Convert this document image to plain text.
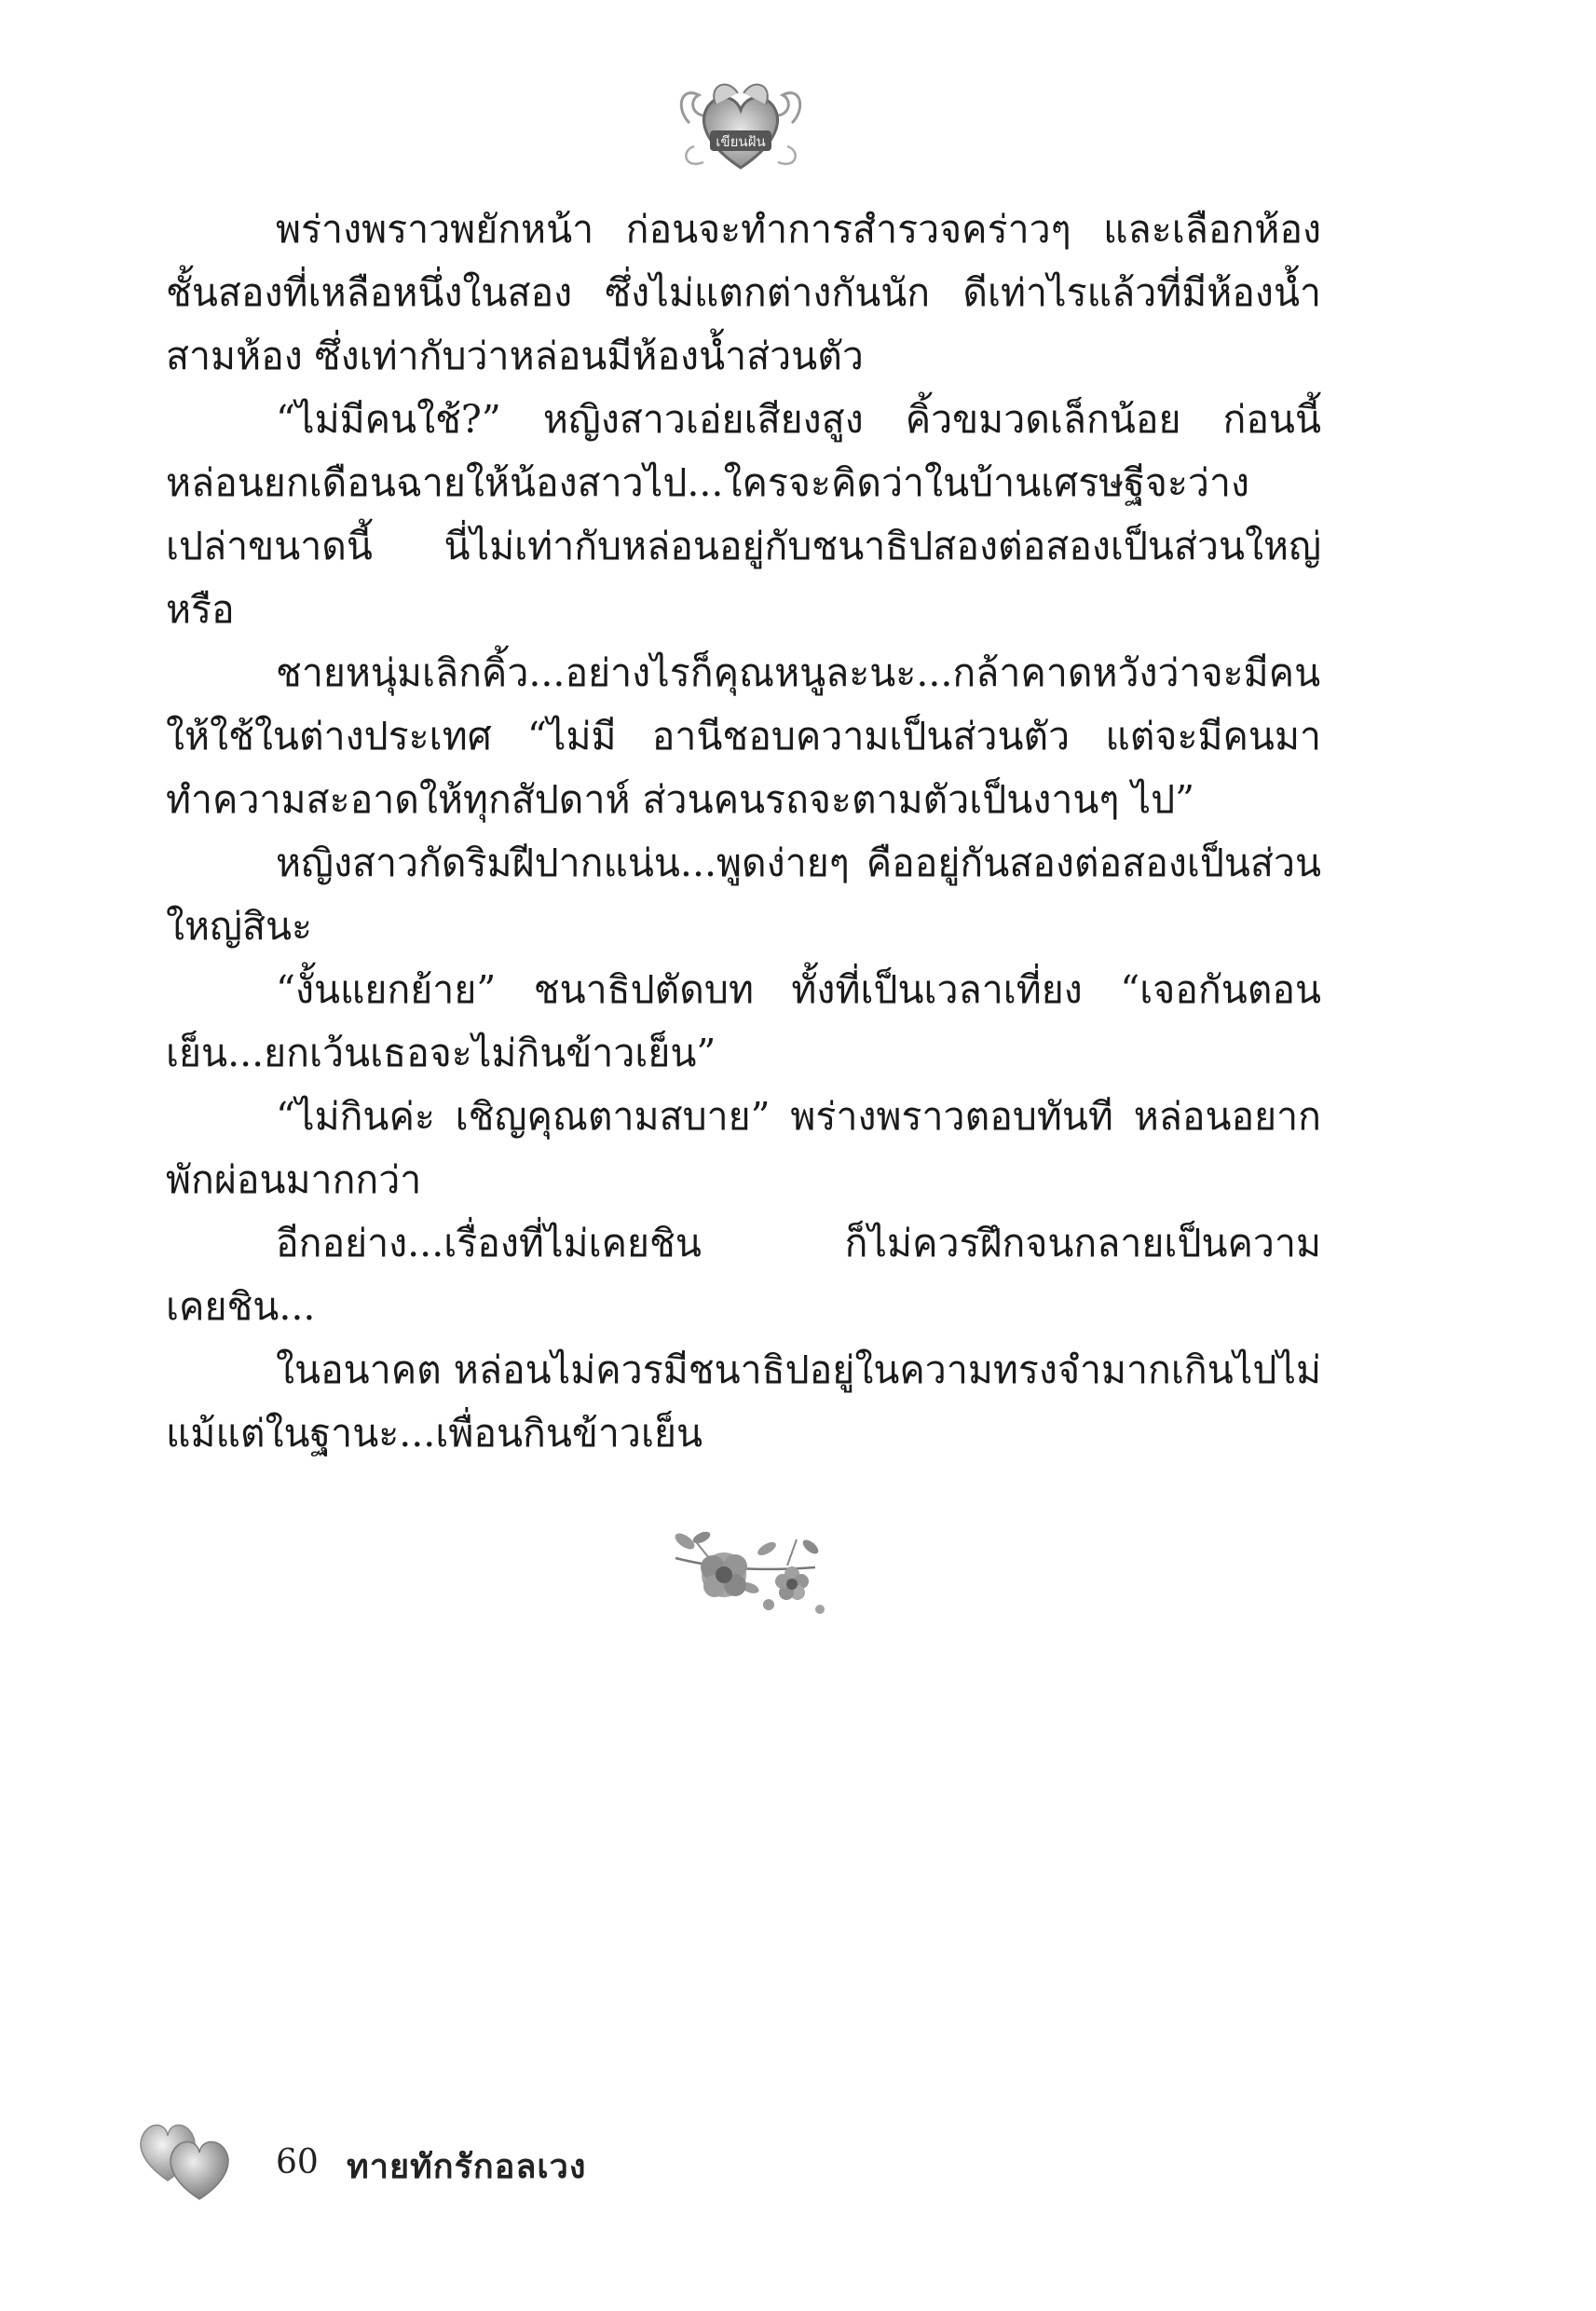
เขียนฝัน

พร่างพราวพยักหน้า ก่อนจะทำการสำรวจคร่าวๆ และเลือกห้องชั้นสองที่เหลือหนึ่งในสอง ซึ่งไม่แตกต่างกันนัก ดีเท่าไรแล้วที่มีห้องน้ำสามห้อง ซึ่งเท่ากับว่าหล่อนมีห้องน้ำส่วนตัว

“ไม่มีคนใช้?” หญิงสาวเอ่ยเสียงสูง คิ้วขมวดเล็กน้อย ก่อนนี้หล่อนยกเดือนฉายให้น้องสาวไป...ใครจะคิดว่าในบ้านเศรษฐีจะว่างเปล่าขนาดนี้ นี่ไม่เท่ากับหล่อนอยู่กับชนาธิปสองต่อสองเป็นส่วนใหญ่หรือ

ชายหนุ่มเลิกคิ้ว...อย่างไรก็คุณหนูละนะ...กล้าคาดหวังว่าจะมีคนให้ใช้ในต่างประเทศ “ไม่มี อานีชอบความเป็นส่วนตัว แต่จะมีคนมาทำความสะอาดให้ทุกสัปดาห์ ส่วนคนรถจะตามตัวเป็นงานๆ ไป”

หญิงสาวกัดริมฝีปากแน่น...พูดง่ายๆ คืออยู่กันสองต่อสองเป็นส่วนใหญ่สินะ

“งั้นแยกย้าย” ชนาธิปตัดบท ทั้งที่เป็นเวลาเที่ยง “เจอกันตอนเย็น...ยกเว้นเธอจะไม่กินข้าวเย็น”

“ไม่กินค่ะ เชิญคุณตามสบาย” พร่างพราวตอบทันที หล่อนอยากพักผ่อนมากกว่า

อีกอย่าง...เรื่องที่ไม่เคยชิน ก็ไม่ควรฝึกจนกลายเป็นความเคยชิน...

ในอนาคต หล่อนไม่ควรมีชนาธิปอยู่ในความทรงจำมากเกินไปไม่แม้แต่ในฐานะ...เพื่อนกินข้าวเย็น

60 ทายทักรักอลเวง
